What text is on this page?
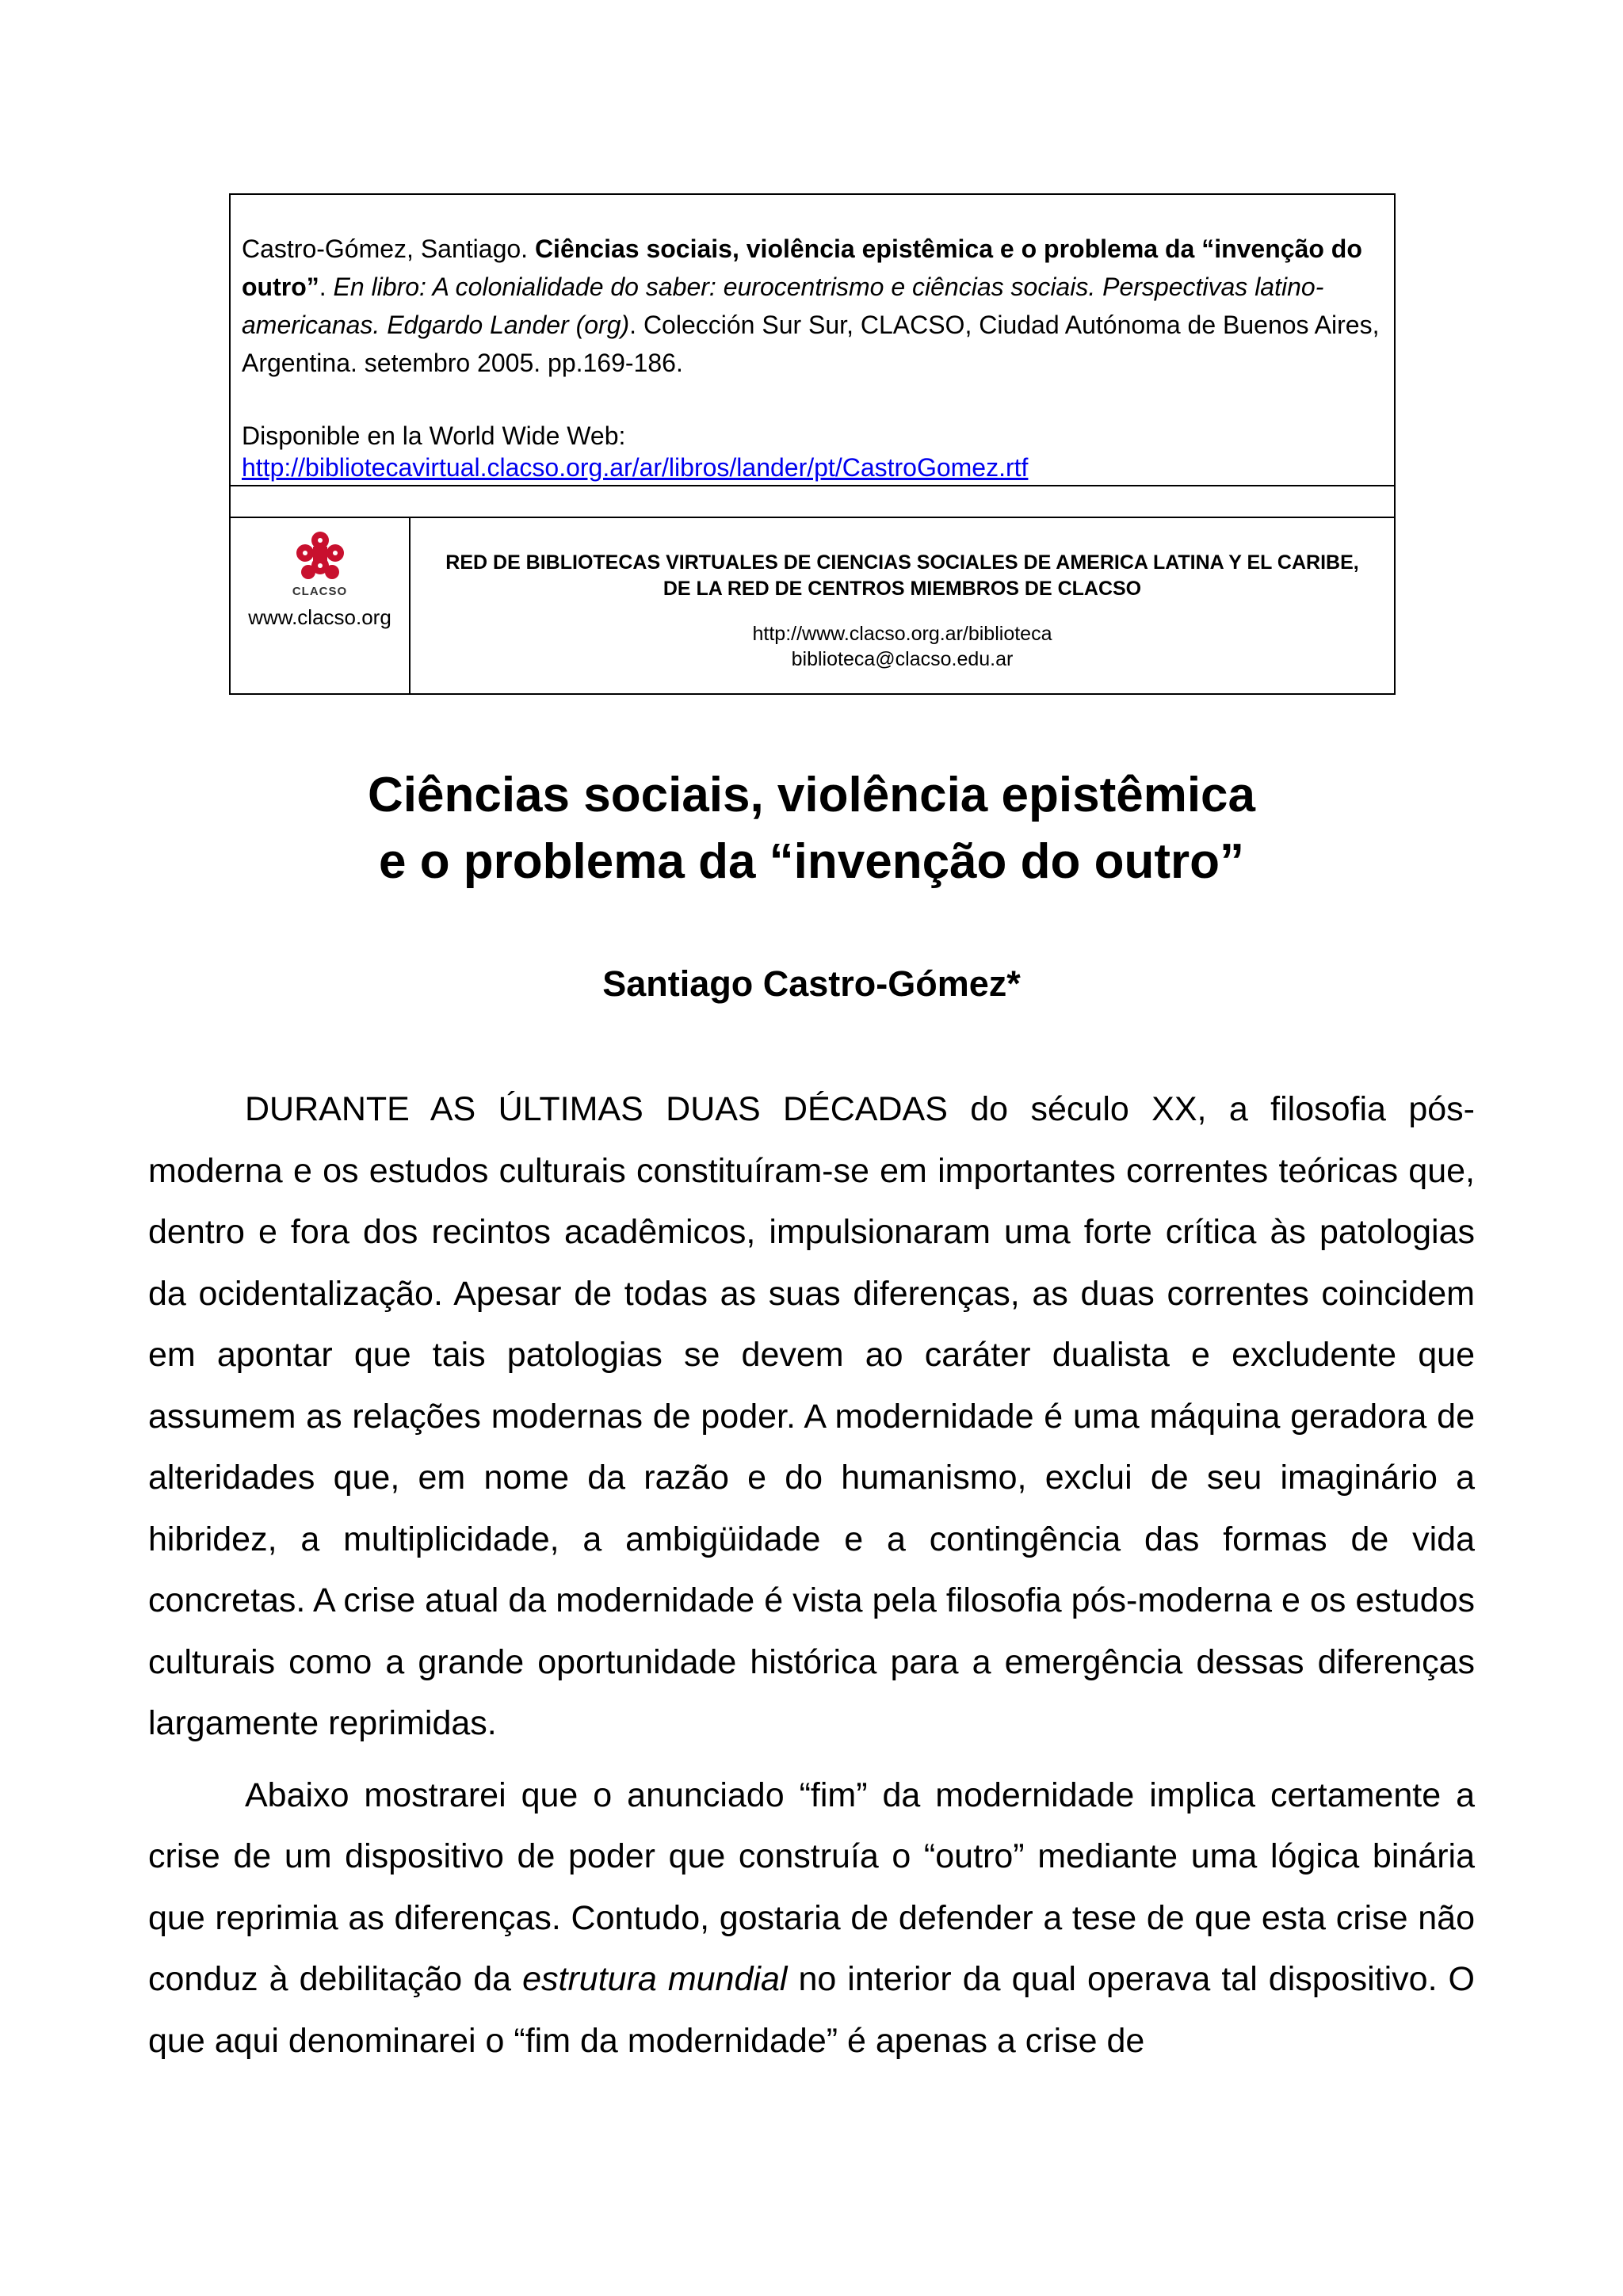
Castro-Gómez, Santiago. Ciências sociais, violência epistêmica e o problema da “invenção do outro”. En libro: A colonialidade do saber: eurocentrismo e ciências sociais. Perspectivas latino-americanas. Edgardo Lander (org). Colección Sur Sur, CLACSO, Ciudad Autónoma de Buenos Aires, Argentina. setembro 2005. pp.169-186.
Disponible en la World Wide Web:
http://bibliotecavirtual.clacso.org.ar/ar/libros/lander/pt/CastroGomez.rtf
CLACSO
www.clacso.org
RED DE BIBLIOTECAS VIRTUALES DE CIENCIAS SOCIALES DE AMERICA LATINA Y EL CARIBE, DE LA RED DE CENTROS MIEMBROS DE CLACSO
http://www.clacso.org.ar/biblioteca
biblioteca@clacso.edu.ar
Ciências sociais, violência epistêmica
e o problema da “invenção do outro”
Santiago Castro-Gómez*

DURANTE AS ÚLTIMAS DUAS DÉCADAS do século XX, a filosofia pós-moderna e os estudos culturais constituíram-se em importantes correntes teóricas que, dentro e fora dos recintos acadêmicos, impulsionaram uma forte crítica às patologias da ocidentalização. Apesar de todas as suas diferenças, as duas correntes coincidem em apontar que tais patologias se devem ao caráter dualista e excludente que assumem as relações modernas de poder. A modernidade é uma máquina geradora de alteridades que, em nome da razão e do humanismo, exclui de seu imaginário a hibridez, a multiplicidade, a ambigüidade e a contingência das formas de vida concretas. A crise atual da modernidade é vista pela filosofia pós-moderna e os estudos culturais como a grande oportunidade histórica para a emergência dessas diferenças largamente reprimidas.

Abaixo mostrarei que o anunciado “fim” da modernidade implica certamente a crise de um dispositivo de poder que construía o “outro” mediante uma lógica binária que reprimia as diferenças. Contudo, gostaria de defender a tese de que esta crise não conduz à debilitação da estrutura mundial no interior da qual operava tal dispositivo. O que aqui denominarei o “fim da modernidade” é apenas a crise de
